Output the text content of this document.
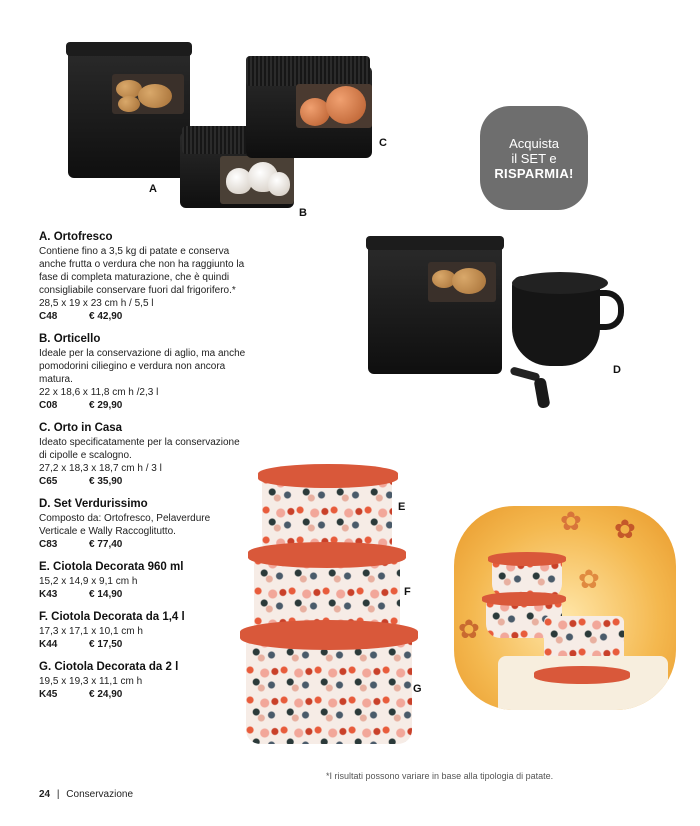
A
B
C	Acquista
il SET e
RISPARMIA!
D
E
F
G
✿ ✿
✿
✿
A. Ortofresco

Contiene fino a 3,5 kg di patate e conserva anche frutta o verdura che non ha raggiunto la fase di completa maturazione, che è quindi consigliabile conservare fuori dal frigorifero.*

28,5 x 19 x 23 cm h / 5,5 l

C48	€ 42,90
B. Orticello

Ideale per la conservazione di aglio, ma anche pomodorini ciliegino e verdura non ancora matura.

22 x 18,6 x 11,8 cm h /2,3 l

C08	€ 29,90
C. Orto in Casa

Ideato specificatamente per la conservazione di cipolle e scalogno.

27,2 x 18,3 x 18,7 cm h / 3 l

C65	€ 35,90
D. Set Verdurissimo

Composto da: Ortofresco, Pelaverdure Verticale e Wally Raccoglitutto.

C83	€ 77,40
E. Ciotola Decorata 960 ml

15,2 x 14,9 x 9,1 cm h

K43	€ 14,90
F. Ciotola Decorata da 1,4 l

17,3 x 17,1 x 10,1 cm h

K44	€ 17,50
G. Ciotola Decorata da 2 l

19,5 x 19,3 x 11,1 cm h

K45	€ 24,90
*I risultati possono variare in base alla tipologia di patate.
24 | Conservazione
